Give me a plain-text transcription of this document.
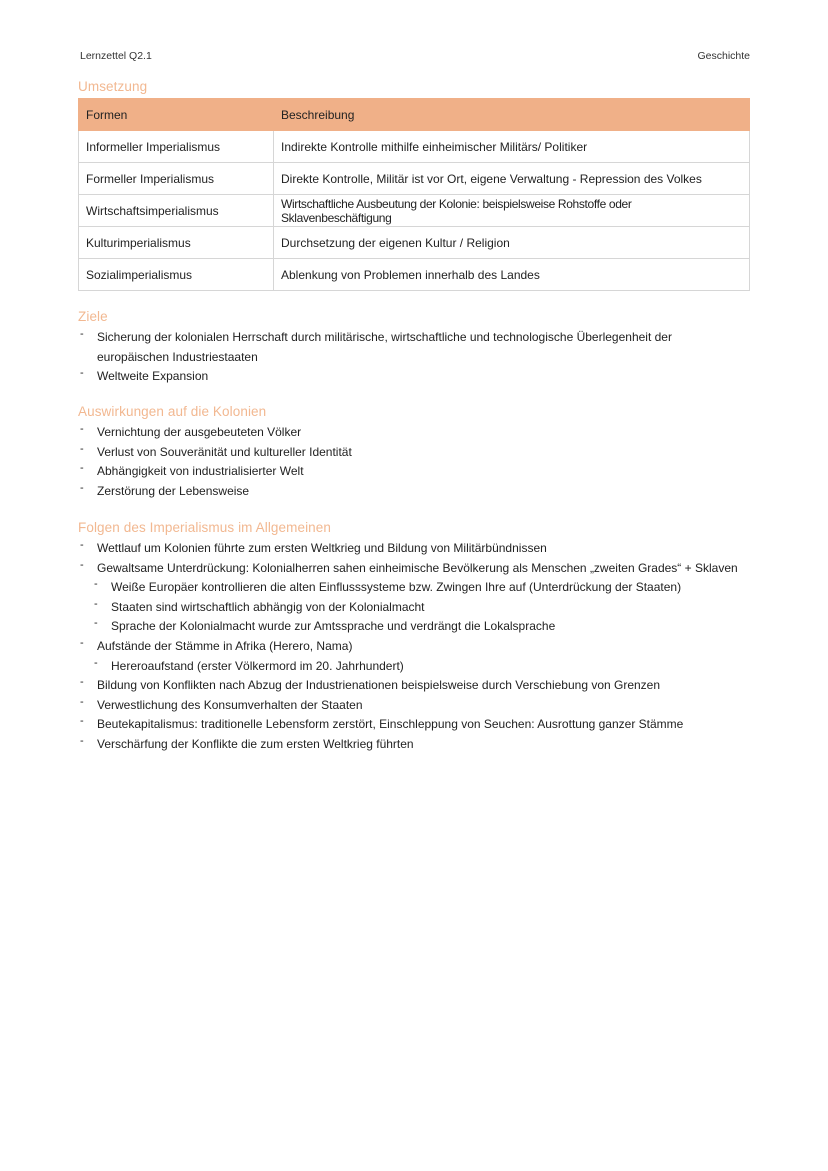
Lernzettel Q2.1	Geschichte
Umsetzung
Formen	Beschreibung
Informeller Imperialismus	Indirekte Kontrolle mithilfe einheimischer Militärs/ Politiker
Formeller Imperialismus	Direkte Kontrolle, Militär ist vor Ort, eigene Verwaltung - Repression des Volkes
Wirtschaftsimperialismus	Wirtschaftliche Ausbeutung der Kolonie: beispielsweise Rohstoffe oder Sklavenbeschäftigung
Kulturimperialismus	Durchsetzung der eigenen Kultur / Religion
Sozialimperialismus	Ablenkung von Problemen innerhalb des Landes
Ziele
- Sicherung der kolonialen Herrschaft durch militärische, wirtschaftliche und technologische Überlegenheit der europäischen Industriestaaten
- Weltweite Expansion
Auswirkungen auf die Kolonien
- Vernichtung der ausgebeuteten Völker
- Verlust von Souveränität und kultureller Identität
- Abhängigkeit von industrialisierter Welt
- Zerstörung der Lebensweise
Folgen des Imperialismus im Allgemeinen
- Wettlauf um Kolonien führte zum ersten Weltkrieg und Bildung von Militärbündnissen
- Gewaltsame Unterdrückung: Kolonialherren sahen einheimische Bevölkerung als Menschen „zweiten Grades“ + Sklaven
- Weiße Europäer kontrollieren die alten Einflusssysteme bzw. Zwingen Ihre auf (Unterdrückung der Staaten)
- Staaten sind wirtschaftlich abhängig von der Kolonialmacht
- Sprache der Kolonialmacht wurde zur Amtssprache und verdrängt die Lokalsprache
- Aufstände der Stämme in Afrika (Herero, Nama)
- Hereroaufstand (erster Völkermord im 20. Jahrhundert)
- Bildung von Konflikten nach Abzug der Industrienationen beispielsweise durch Verschiebung von Grenzen
- Verwestlichung des Konsumverhalten der Staaten
- Beutekapitalismus: traditionelle Lebensform zerstört, Einschleppung von Seuchen: Ausrottung ganzer Stämme
- Verschärfung der Konflikte die zum ersten Weltkrieg führten
